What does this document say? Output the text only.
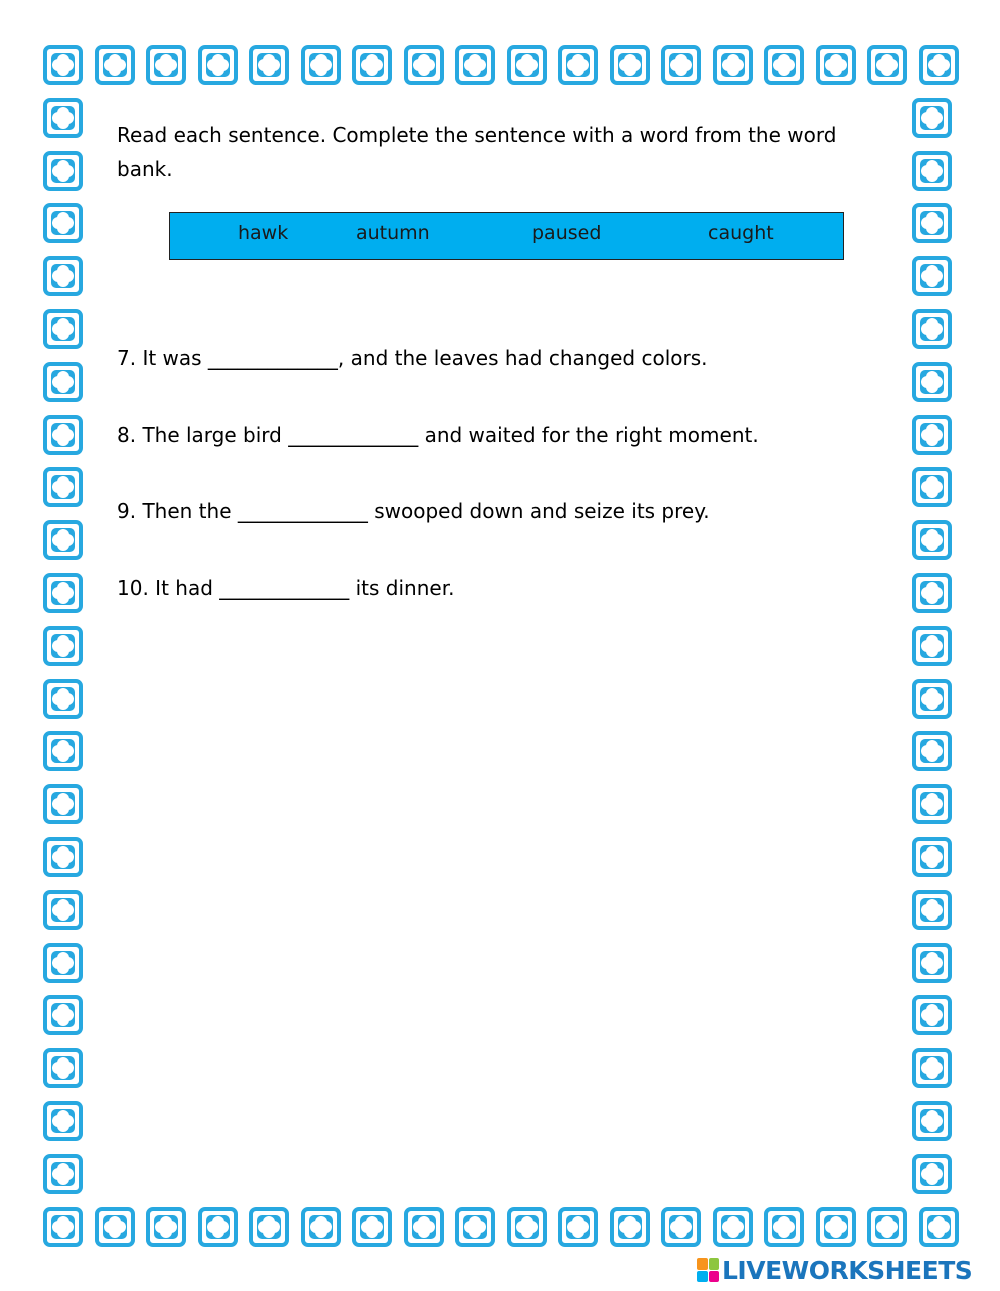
Read each sentence. Complete the sentence with a word from the word bank.
hawk	autumn	paused	caught
7. It was _____________, and the leaves had changed colors.
8. The large bird _____________ and waited for the right moment.
9. Then the _____________ swooped down and seize its prey.
10. It had _____________ its dinner.
LIVEWORKSHEETS
